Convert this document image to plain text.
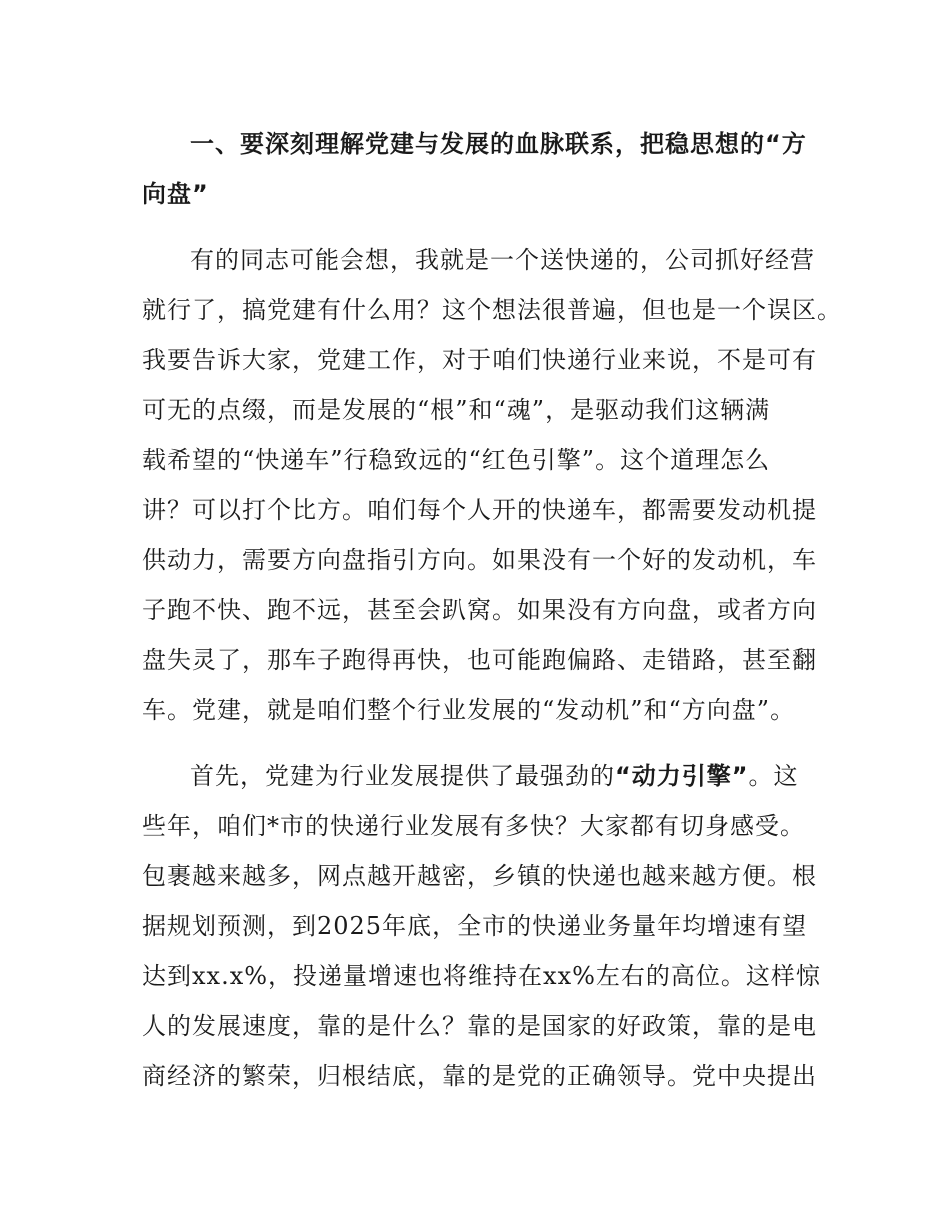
一、要深刻理解党建与发展的血脉联系，把稳思想的“方
向盘”
有的同志可能会想，我就是一个送快递的，公司抓好经营
就行了，搞党建有什么用？这个想法很普遍，但也是一个误区。
我要告诉大家，党建工作，对于咱们快递行业来说，不是可有
可无的点缀，而是发展的“根”和“魂”，是驱动我们这辆满
载希望的“快递车”行稳致远的“红色引擎”。这个道理怎么
讲？可以打个比方。咱们每个人开的快递车，都需要发动机提
供动力，需要方向盘指引方向。如果没有一个好的发动机，车
子跑不快、跑不远，甚至会趴窝。如果没有方向盘，或者方向
盘失灵了，那车子跑得再快，也可能跑偏路、走错路，甚至翻
车。党建，就是咱们整个行业发展的“发动机”和“方向盘”。
首先，党建为行业发展提供了最强劲的“动力引擎”。这
些年，咱们*市的快递行业发展有多快？大家都有切身感受。
包裹越来越多，网点越开越密，乡镇的快递也越来越方便。根
据规划预测，到2025年底，全市的快递业务量年均增速有望
达到xx.x%，投递量增速也将维持在xx%左右的高位。这样惊
人的发展速度，靠的是什么？靠的是国家的好政策，靠的是电
商经济的繁荣，归根结底，靠的是党的正确领导。党中央提出
